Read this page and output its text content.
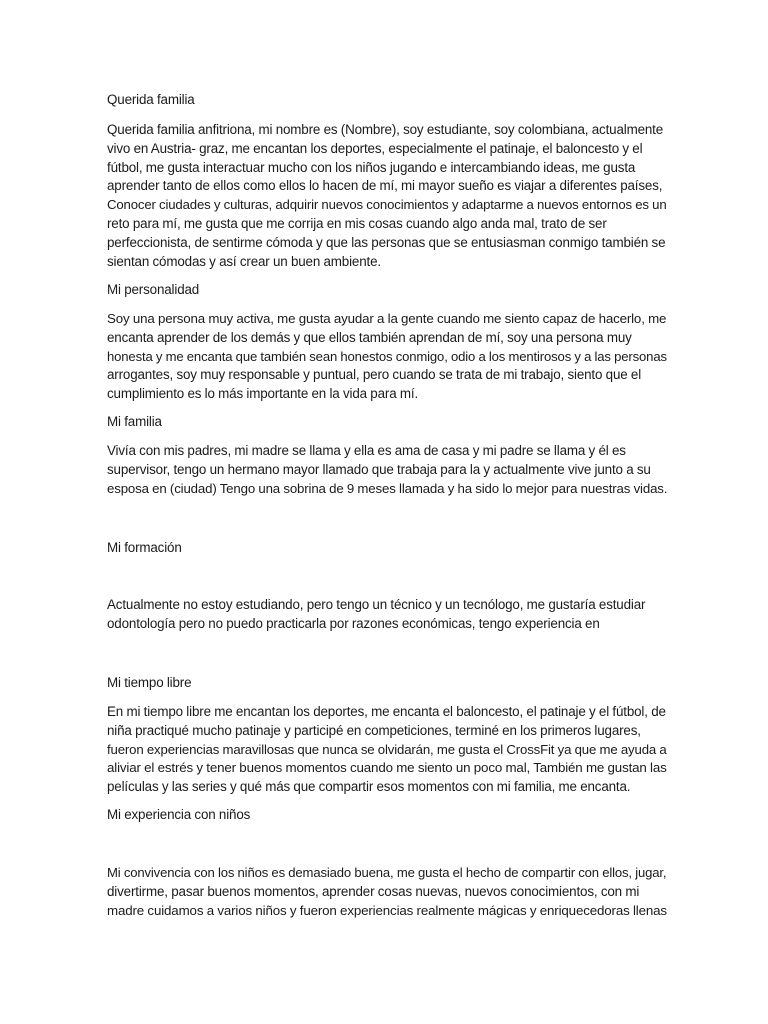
Querida familia
Querida familia anfitriona, mi nombre es (Nombre), soy estudiante, soy colombiana, actualmente
vivo en Austria- graz, me encantan los deportes, especialmente el patinaje, el baloncesto y el
fútbol, me gusta interactuar mucho con los niños jugando e intercambiando ideas, me gusta
aprender tanto de ellos como ellos lo hacen de mí, mi mayor sueño es viajar a diferentes países,
Conocer ciudades y culturas, adquirir nuevos conocimientos y adaptarme a nuevos entornos es un
reto para mí, me gusta que me corrija en mis cosas cuando algo anda mal, trato de ser
perfeccionista, de sentirme cómoda y que las personas que se entusiasman conmigo también se
sientan cómodas y así crear un buen ambiente.
Mi personalidad
Soy una persona muy activa, me gusta ayudar a la gente cuando me siento capaz de hacerlo, me
encanta aprender de los demás y que ellos también aprendan de mí, soy una persona muy
honesta y me encanta que también sean honestos conmigo, odio a los mentirosos y a las personas
arrogantes, soy muy responsable y puntual, pero cuando se trata de mi trabajo, siento que el
cumplimiento es lo más importante en la vida para mí.
Mi familia
Vivía con mis padres, mi madre se llama y ella es ama de casa y mi padre se llama y él es
supervisor, tengo un hermano mayor llamado que trabaja para la y actualmente vive junto a su
esposa en (ciudad) Tengo una sobrina de 9 meses llamada y ha sido lo mejor para nuestras vidas.
Mi formación
Actualmente no estoy estudiando, pero tengo un técnico y un tecnólogo, me gustaría estudiar
odontología pero no puedo practicarla por razones económicas, tengo experiencia en
Mi tiempo libre
En mi tiempo libre me encantan los deportes, me encanta el baloncesto, el patinaje y el fútbol, de
niña practiqué mucho patinaje y participé en competiciones, terminé en los primeros lugares,
fueron experiencias maravillosas que nunca se olvidarán, me gusta el CrossFit ya que me ayuda a
aliviar el estrés y tener buenos momentos cuando me siento un poco mal, También me gustan las
películas y las series y qué más que compartir esos momentos con mi familia, me encanta.
Mi experiencia con niños
Mi convivencia con los niños es demasiado buena, me gusta el hecho de compartir con ellos, jugar,
divertirme, pasar buenos momentos, aprender cosas nuevas, nuevos conocimientos, con mi
madre cuidamos a varios niños y fueron experiencias realmente mágicas y enriquecedoras llenas
